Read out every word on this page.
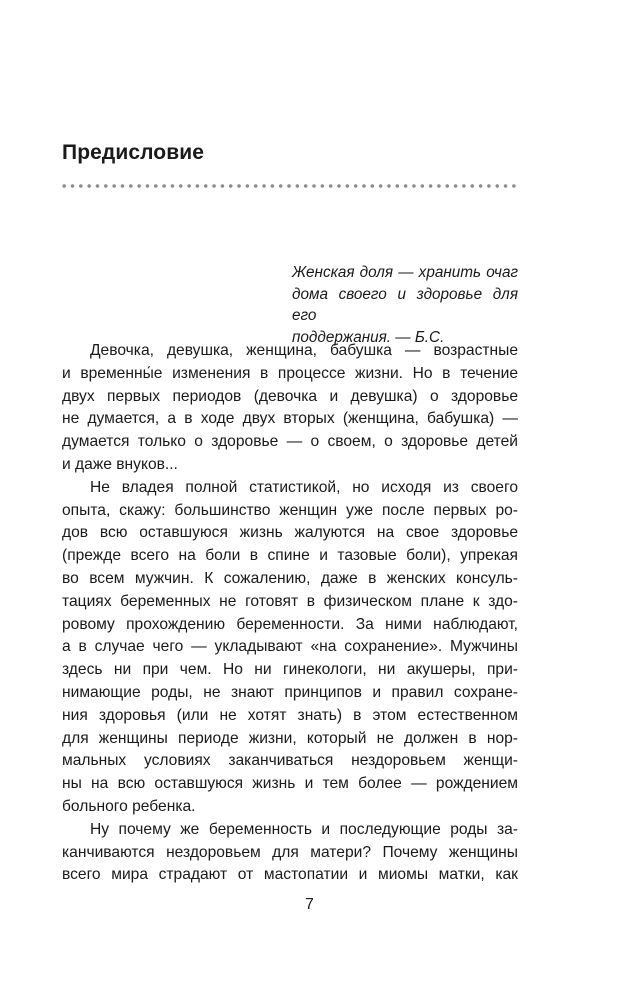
Предисловие
Женская доля — хранить очаг
дома своего и здоровье для его
поддержания. — Б.С.
Девочка, девушка, женщина, бабушка — возрастные
и временны́е изменения в процессе жизни. Но в течение
двух первых периодов (девочка и девушка) о здоровье
не думается, а в ходе двух вторых (женщина, бабушка) —
думается только о здоровье — о своем, о здоровье детей
и даже внуков...
Не владея полной статистикой, но исходя из своего
опыта, скажу: большинство женщин уже после первых ро-
дов всю оставшуюся жизнь жалуются на свое здоровье
(прежде всего на боли в спине и тазовые боли), упрекая
во всем мужчин. К сожалению, даже в женских консуль-
тациях беременных не готовят в физическом плане к здо-
ровому прохождению беременности. За ними наблюдают,
а в случае чего — укладывают «на сохранение». Мужчины
здесь ни при чем. Но ни гинекологи, ни акушеры, при-
нимающие роды, не знают принципов и правил сохране-
ния здоровья (или не хотят знать) в этом естественном
для женщины периоде жизни, который не должен в нор-
мальных условиях заканчиваться нездоровьем женщи-
ны на всю оставшуюся жизнь и тем более — рождением
больного ребенка.
Ну почему же беременность и последующие роды за-
канчиваются нездоровьем для матери? Почему женщины
всего мира страдают от мастопатии и миомы матки, как
7
